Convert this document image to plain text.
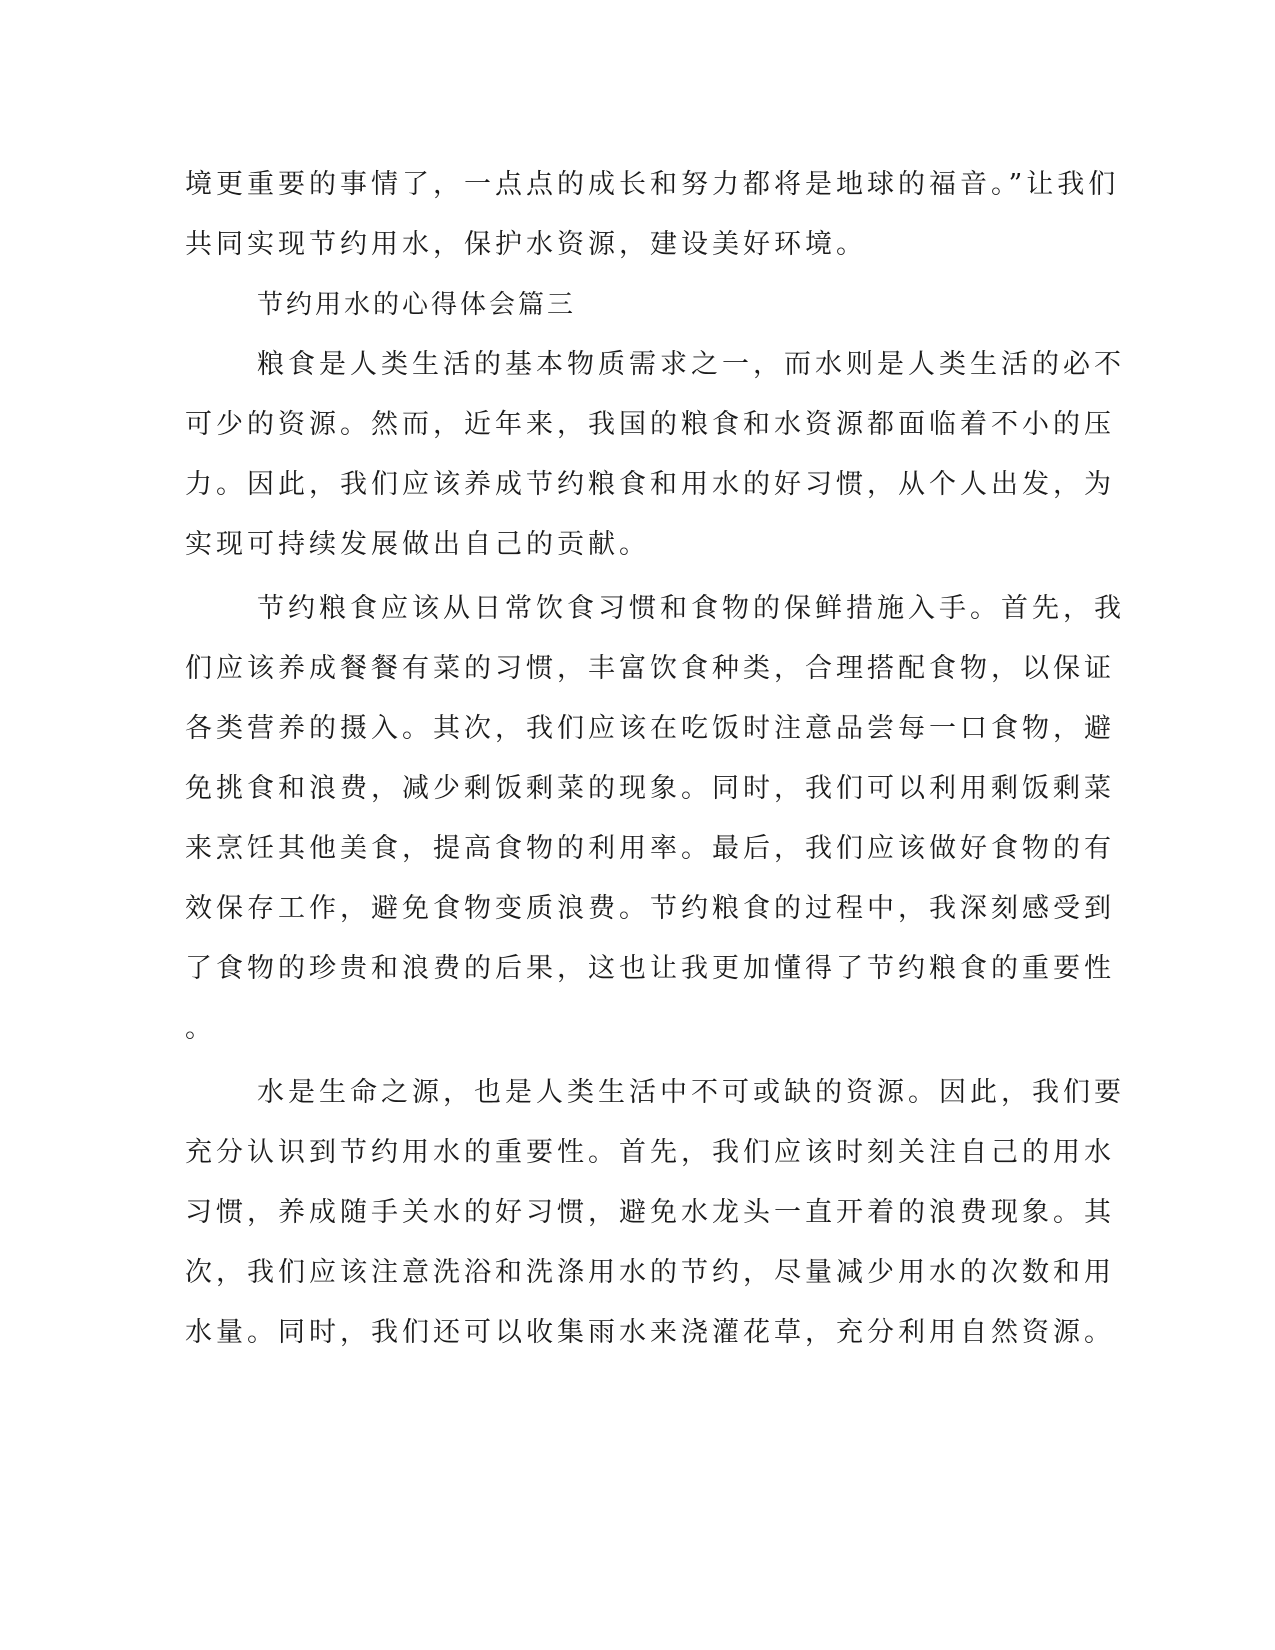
境更重要的事情了，一点点的成长和努力都将是地球的福音。”让我们
共同实现节约用水，保护水资源，建设美好环境。
节约用水的心得体会篇三
粮食是人类生活的基本物质需求之一，而水则是人类生活的必不
可少的资源。然而，近年来，我国的粮食和水资源都面临着不小的压
力。因此，我们应该养成节约粮食和用水的好习惯，从个人出发，为
实现可持续发展做出自己的贡献。
节约粮食应该从日常饮食习惯和食物的保鲜措施入手。首先，我
们应该养成餐餐有菜的习惯，丰富饮食种类，合理搭配食物，以保证
各类营养的摄入。其次，我们应该在吃饭时注意品尝每一口食物，避
免挑食和浪费，减少剩饭剩菜的现象。同时，我们可以利用剩饭剩菜
来烹饪其他美食，提高食物的利用率。最后，我们应该做好食物的有
效保存工作，避免食物变质浪费。节约粮食的过程中，我深刻感受到
了食物的珍贵和浪费的后果，这也让我更加懂得了节约粮食的重要性
。
水是生命之源，也是人类生活中不可或缺的资源。因此，我们要
充分认识到节约用水的重要性。首先，我们应该时刻关注自己的用水
习惯，养成随手关水的好习惯，避免水龙头一直开着的浪费现象。其
次，我们应该注意洗浴和洗涤用水的节约，尽量减少用水的次数和用
水量。同时，我们还可以收集雨水来浇灌花草，充分利用自然资源。
